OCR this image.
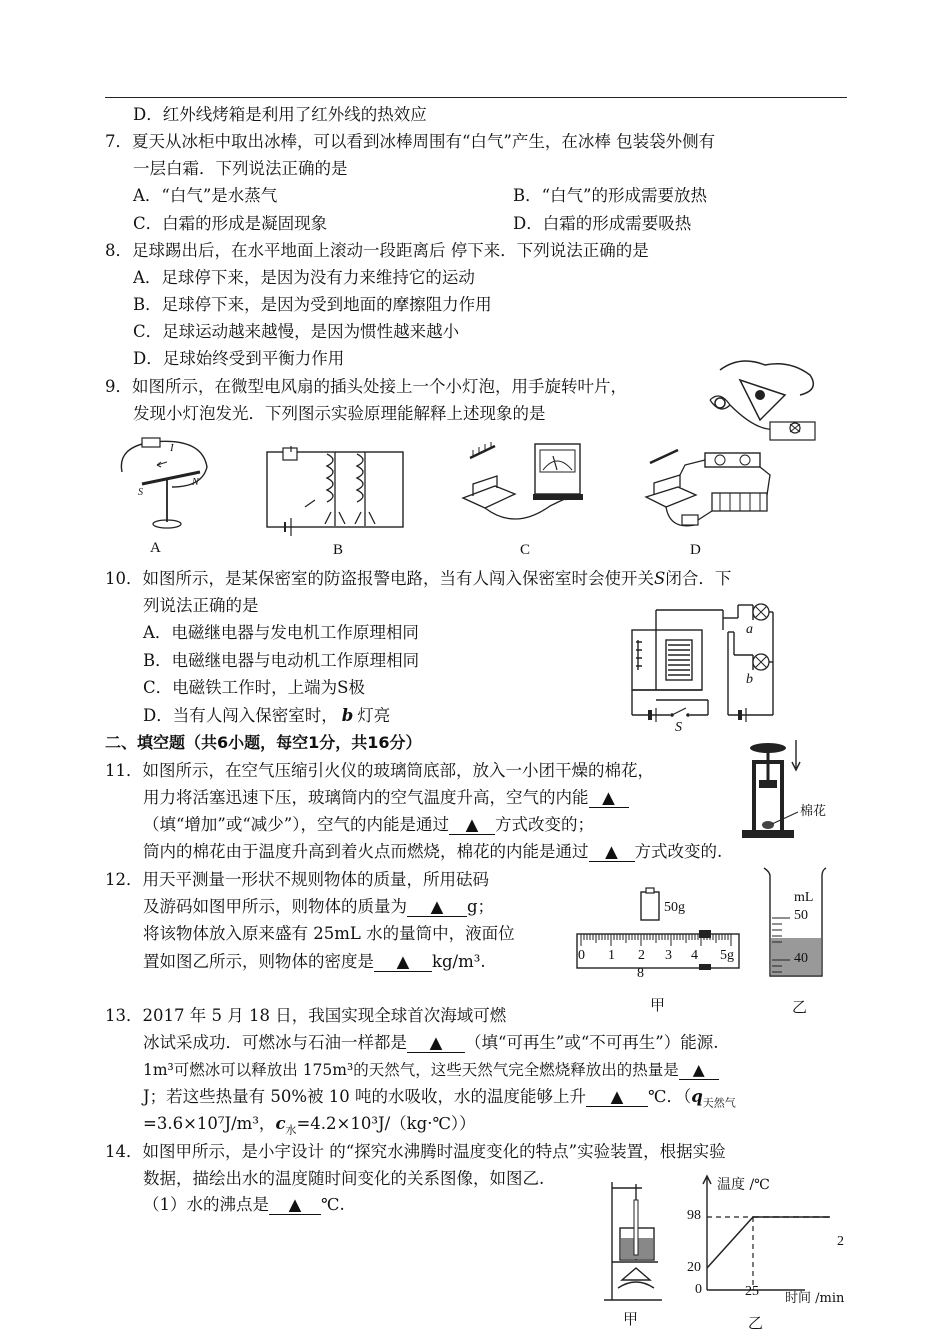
D．红外线烤箱是利用了红外线的热效应
7．夏天从冰柜中取出冰棒，可以看到冰棒周围有“白气”产生，在冰棒 包装袋外侧有
一层白霜．下列说法正确的是
A．“白气”是水蒸气	B．“白气”的形成需要放热
C．白霜的形成是凝固现象	D．白霜的形成需要吸热
8．足球踢出后，在水平地面上滚动一段距离后 停下来．下列说法正确的是
A．足球停下来，是因为没有力来维持它的运动
B．足球停下来，是因为受到地面的摩擦阻力作用
C．足球运动越来越慢，是因为惯性越来越小
D．足球始终受到平衡力作用
9．如图所示，在微型电风扇的插头处接上一个小灯泡，用手旋转叶片，
发现小灯泡发光．下列图示实验原理能解释上述现象的是
I
S
N
A	B	C	D
10．如图所示，是某保密室的防盗报警电路，当有人闯入保密室时会使开关S闭合．下
列说法正确的是
A．电磁继电器与发电机工作原理相同
B．电磁继电器与电动机工作原理相同
C．电磁铁工作时，上端为S极
D．当有人闯入保密室时， b 灯亮
a
b
S
二、填空题（共6小题，每空1分，共16分）
11．如图所示，在空气压缩引火仪的玻璃筒底部，放入一小团干燥的棉花，
用力将活塞迅速下压，玻璃筒内的空气温度升高，空气的内能 ▲
（填“增加”或“减少”），空气的内能是通过 ▲ 方式改变的；
筒内的棉花由于温度升高到着火点而燃烧，棉花的内能是通过 ▲ 方式改变的.
棉花
12．用天平测量一形状不规则物体的质量，所用砝码
及游码如图甲所示，则物体的质量为 ▲ g；
将该物体放入原来盛有 25mL 水的量筒中，液面位
置如图乙所示，则物体的密度是 ▲ kg/m³.
50g
0 1 2 3 4 5g
8
甲
mL
50
40
乙
13．2017 年 5 月 18 日，我国实现全球首次海域可燃
冰试采成功．可燃冰与石油一样都是 ▲ （填“可再生”或“不可再生”）能源.
1m³可燃冰可以释放出 175m³的天然气，这些天然气完全燃烧释放出的热量是 ▲
J；若这些热量有 50%被 10 吨的水吸收，水的温度能够上升 ▲ ℃．（$q_{天然气}$
=3.6×10⁷J/m³，$c_水=4.2\times 10^3J/(kg\cdot℃)$）
14．如图甲所示，是小宇设计 的“探究水沸腾时温度变化的特点”实验装置，根据实验
数据，描绘出水的温度随时间变化的关系图像，如图乙.
（1）水的沸点是 ▲ ℃.
甲
温度 /℃
98
20
0	25 时间 /min
2
乙
